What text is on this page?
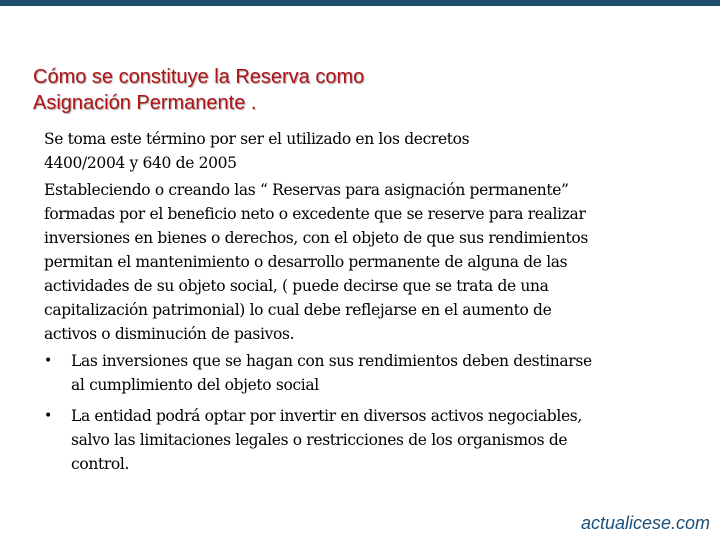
Cómo se constituye la Reserva como
Asignación Permanente .
Se toma este término por ser el utilizado en los decretos
4400/2004 y 640 de 2005
Estableciendo o creando las “ Reservas para asignación permanente”
formadas por el beneficio neto o excedente que se reserve para realizar
inversiones en bienes o derechos, con el objeto de que sus rendimientos
permitan el mantenimiento o desarrollo permanente de alguna de las
actividades de su objeto social, ( puede decirse que se trata de una
capitalización patrimonial) lo cual debe reflejarse en el aumento de
activos o disminución de pasivos.
• Las inversiones que se hagan con sus rendimientos deben destinarse
al cumplimiento del objeto social
• La entidad podrá optar por invertir en diversos activos negociables,
salvo las limitaciones legales o restricciones de los organismos de
control.
actualicese.com
